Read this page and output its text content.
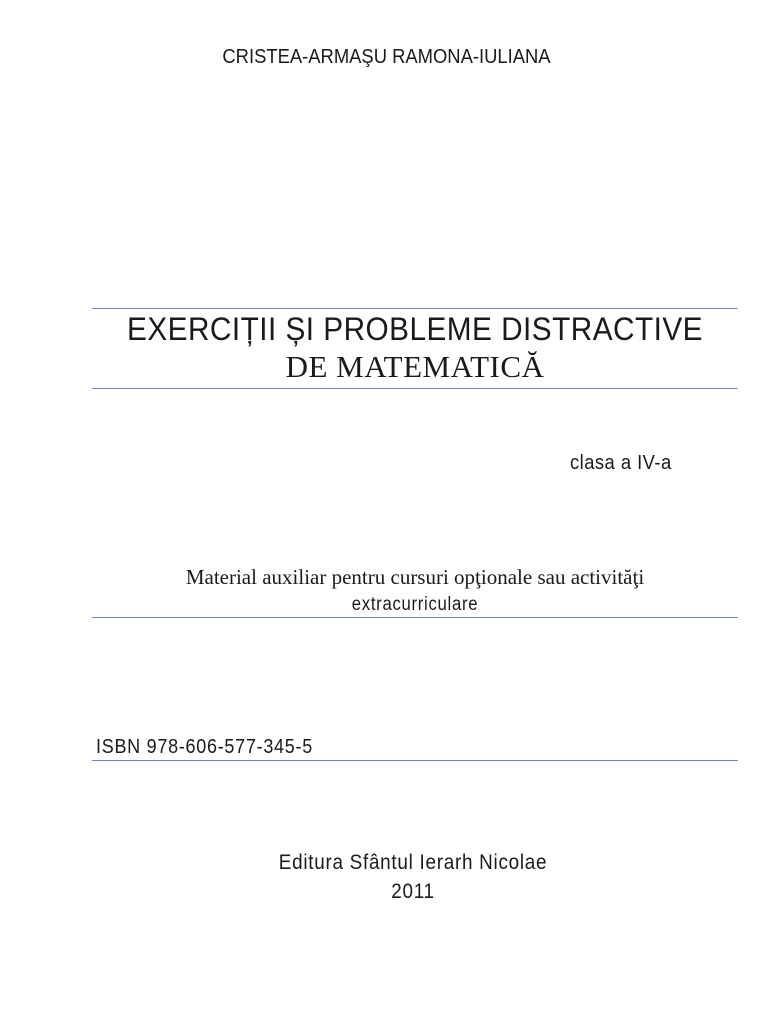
CRISTEA-ARMAŞU RAMONA-IULIANA
EXERCIȚII ȘI PROBLEME DISTRACTIVE
DE MATEMATICĂ
clasa a IV-a
Material auxiliar pentru cursuri opţionale sau activităţi
extracurriculare
ISBN 978-606-577-345-5
Editura Sfântul Ierarh Nicolae
2011
